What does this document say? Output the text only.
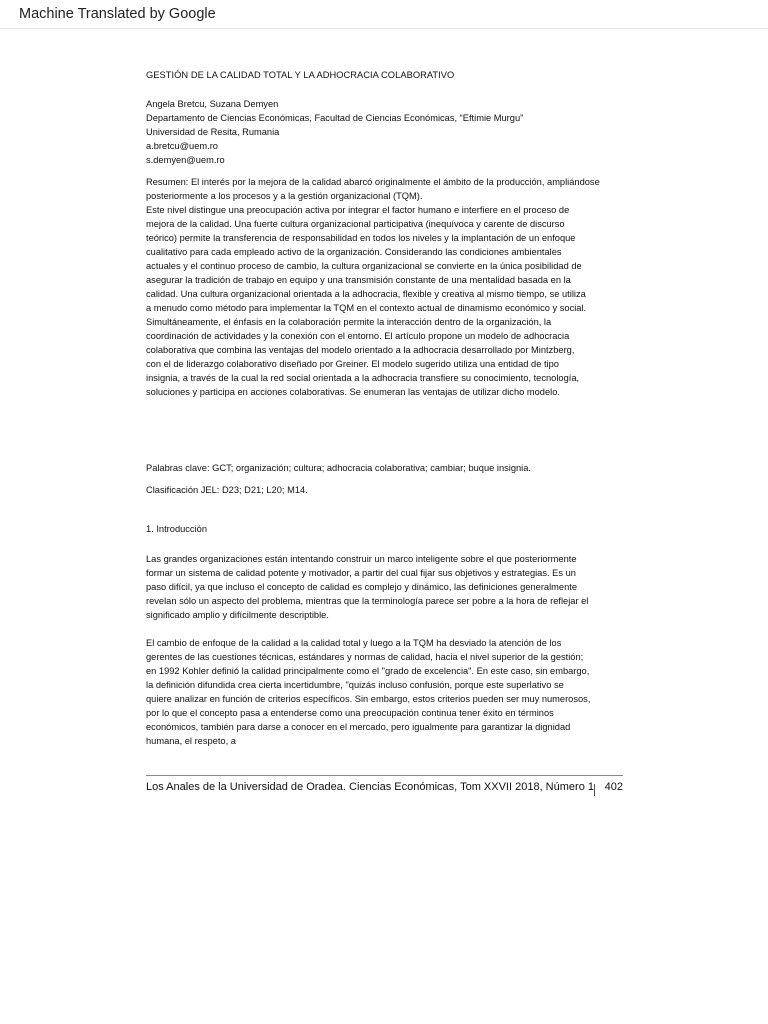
Machine Translated by Google
GESTIÓN DE LA CALIDAD TOTAL Y LA ADHOCRACIA COLABORATIVO
Angela Bretcu, Suzana Demyen
Departamento de Ciencias Económicas, Facultad de Ciencias Económicas, “Eftimie Murgu”
Universidad de Resita, Rumania
a.bretcu@uem.ro
s.demyen@uem.ro
Resumen: El interés por la mejora de la calidad abarcó originalmente el ámbito de la producción, ampliándose
posteriormente a los procesos y a la gestión organizacional (TQM).
Este nivel distingue una preocupación activa por integrar el factor humano e interfiere en el proceso de
mejora de la calidad. Una fuerte cultura organizacional participativa (inequívoca y carente de discurso
teórico) permite la transferencia de responsabilidad en todos los niveles y la implantación de un enfoque
cualitativo para cada empleado activo de la organización. Considerando las condiciones ambientales
actuales y el continuo proceso de cambio, la cultura organizacional se convierte en la única posibilidad de
asegurar la tradición de trabajo en equipo y una transmisión constante de una mentalidad basada en la
calidad. Una cultura organizacional orientada a la adhocracia, flexible y creativa al mismo tiempo, se utiliza
a menudo como método para implementar la TQM en el contexto actual de dinamismo económico y social.
Simultáneamente, el énfasis en la colaboración permite la interacción dentro de la organización, la
coordinación de actividades y la conexión con el entorno. El artículo propone un modelo de adhocracia
colaborativa que combina las ventajas del modelo orientado a la adhocracia desarrollado por Mintzberg,
con el de liderazgo colaborativo diseñado por Greiner. El modelo sugerido utiliza una entidad de tipo
insignia, a través de la cual la red social orientada a la adhocracia transfiere su conocimiento, tecnología,
soluciones y participa en acciones colaborativas. Se enumeran las ventajas de utilizar dicho modelo.
Palabras clave: GCT; organización; cultura; adhocracia colaborativa; cambiar; buque insignia.
Clasificación JEL: D23; D21; L20; M14.
1. Introducción
Las grandes organizaciones están intentando construir un marco inteligente sobre el que posteriormente
formar un sistema de calidad potente y motivador, a partir del cual fijar sus objetivos y estrategias. Es un
paso difícil, ya que incluso el concepto de calidad es complejo y dinámico, las definiciones generalmente
revelan sólo un aspecto del problema, mientras que la terminología parece ser pobre a la hora de reflejar el
significado amplio y difícilmente descriptible.
El cambio de enfoque de la calidad a la calidad total y luego a la TQM ha desviado la atención de los
gerentes de las cuestiones técnicas, estándares y normas de calidad, hacia el nivel superior de la gestión;
en 1992 Kohler definió la calidad principalmente como el "grado de excelencia". En este caso, sin embargo,
la definición difundida crea cierta incertidumbre, "quizás incluso confusión, porque este superlativo se
quiere analizar en función de criterios específicos. Sin embargo, estos criterios pueden ser muy numerosos,
por lo que el concepto pasa a entenderse como una preocupación continua tener éxito en términos
económicos, también para darse a conocer en el mercado, pero igualmente para garantizar la dignidad
humana, el respeto, a
Los Anales de la Universidad de Oradea. Ciencias Económicas, Tom XXVII 2018, Número 1 402
